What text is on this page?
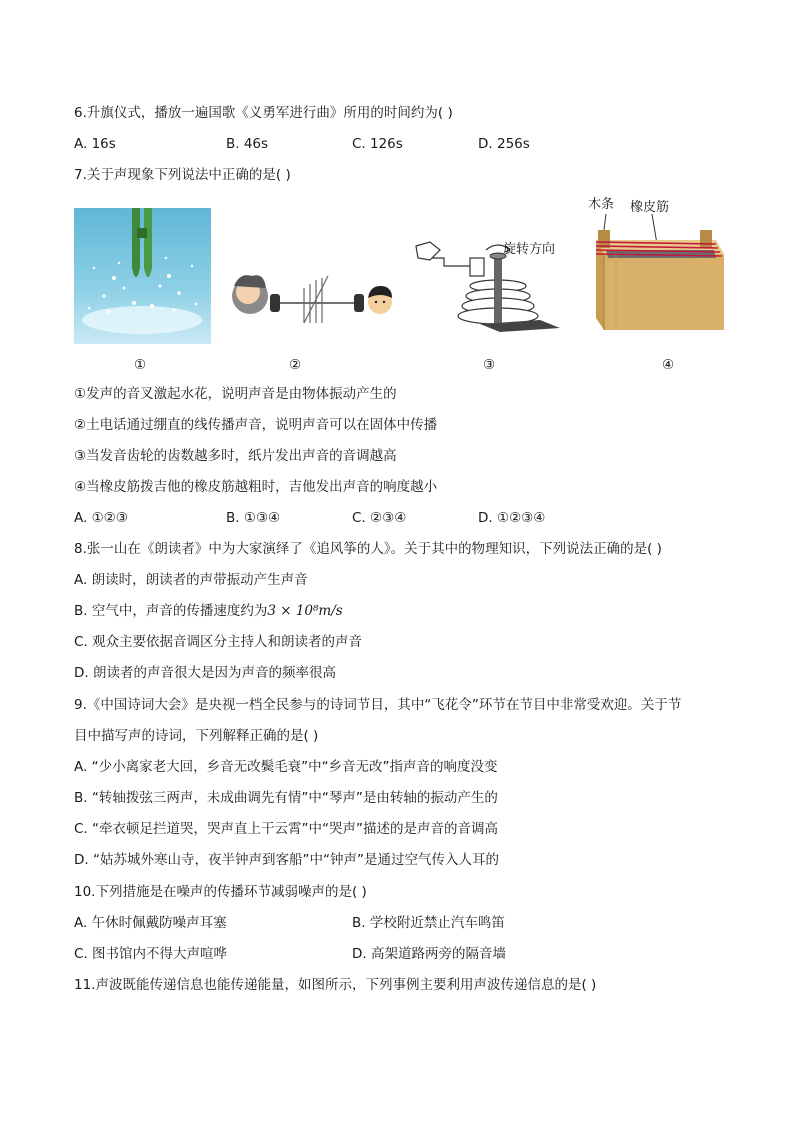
6.升旗仪式，播放一遍国歌《义勇军进行曲》所用的时间约为( )
A. 16s	B. 46s	C. 126s	D. 256s
7.关于声现象下列说法中正确的是( )
旋转方向
木条 橡皮筋
①	②	③	④
①发声的音叉激起水花，说明声音是由物体振动产生的
②土电话通过绷直的线传播声音，说明声音可以在固体中传播
③当发音齿轮的齿数越多时，纸片发出声音的音调越高
④当橡皮筋拨吉他的橡皮筋越粗时，吉他发出声音的响度越小
A. ①②③	B. ①③④	C. ②③④	D. ①②③④
8.张一山在《朗读者》中为大家演绎了《追风筝的人》。关于其中的物理知识，下列说法正确的是( )
A. 朗读时，朗读者的声带振动产生声音
B. 空气中，声音的传播速度约为3 × 10⁸m/s
C. 观众主要依据音调区分主持人和朗读者的声音
D. 朗读者的声音很大是因为声音的频率很高
9.《中国诗词大会》是央视一档全民参与的诗词节目，其中“飞花令”环节在节目中非常受欢迎。关于节
目中描写声的诗词，下列解释正确的是( )
A. “少小离家老大回，乡音无改鬓毛衰”中“乡音无改”指声音的响度没变
B. “转轴拨弦三两声，未成曲调先有情”中“琴声”是由转轴的振动产生的
C. “牵衣顿足拦道哭，哭声直上干云霄”中“哭声”描述的是声音的音调高
D. “姑苏城外寒山寺，夜半钟声到客船”中“钟声”是通过空气传入人耳的
10.下列措施是在噪声的传播环节减弱噪声的是( )
A. 午休时佩戴防噪声耳塞	B. 学校附近禁止汽车鸣笛
C. 图书馆内不得大声喧哗	D. 高架道路两旁的隔音墙
11.声波既能传递信息也能传递能量，如图所示，下列事例主要利用声波传递信息的是( )
